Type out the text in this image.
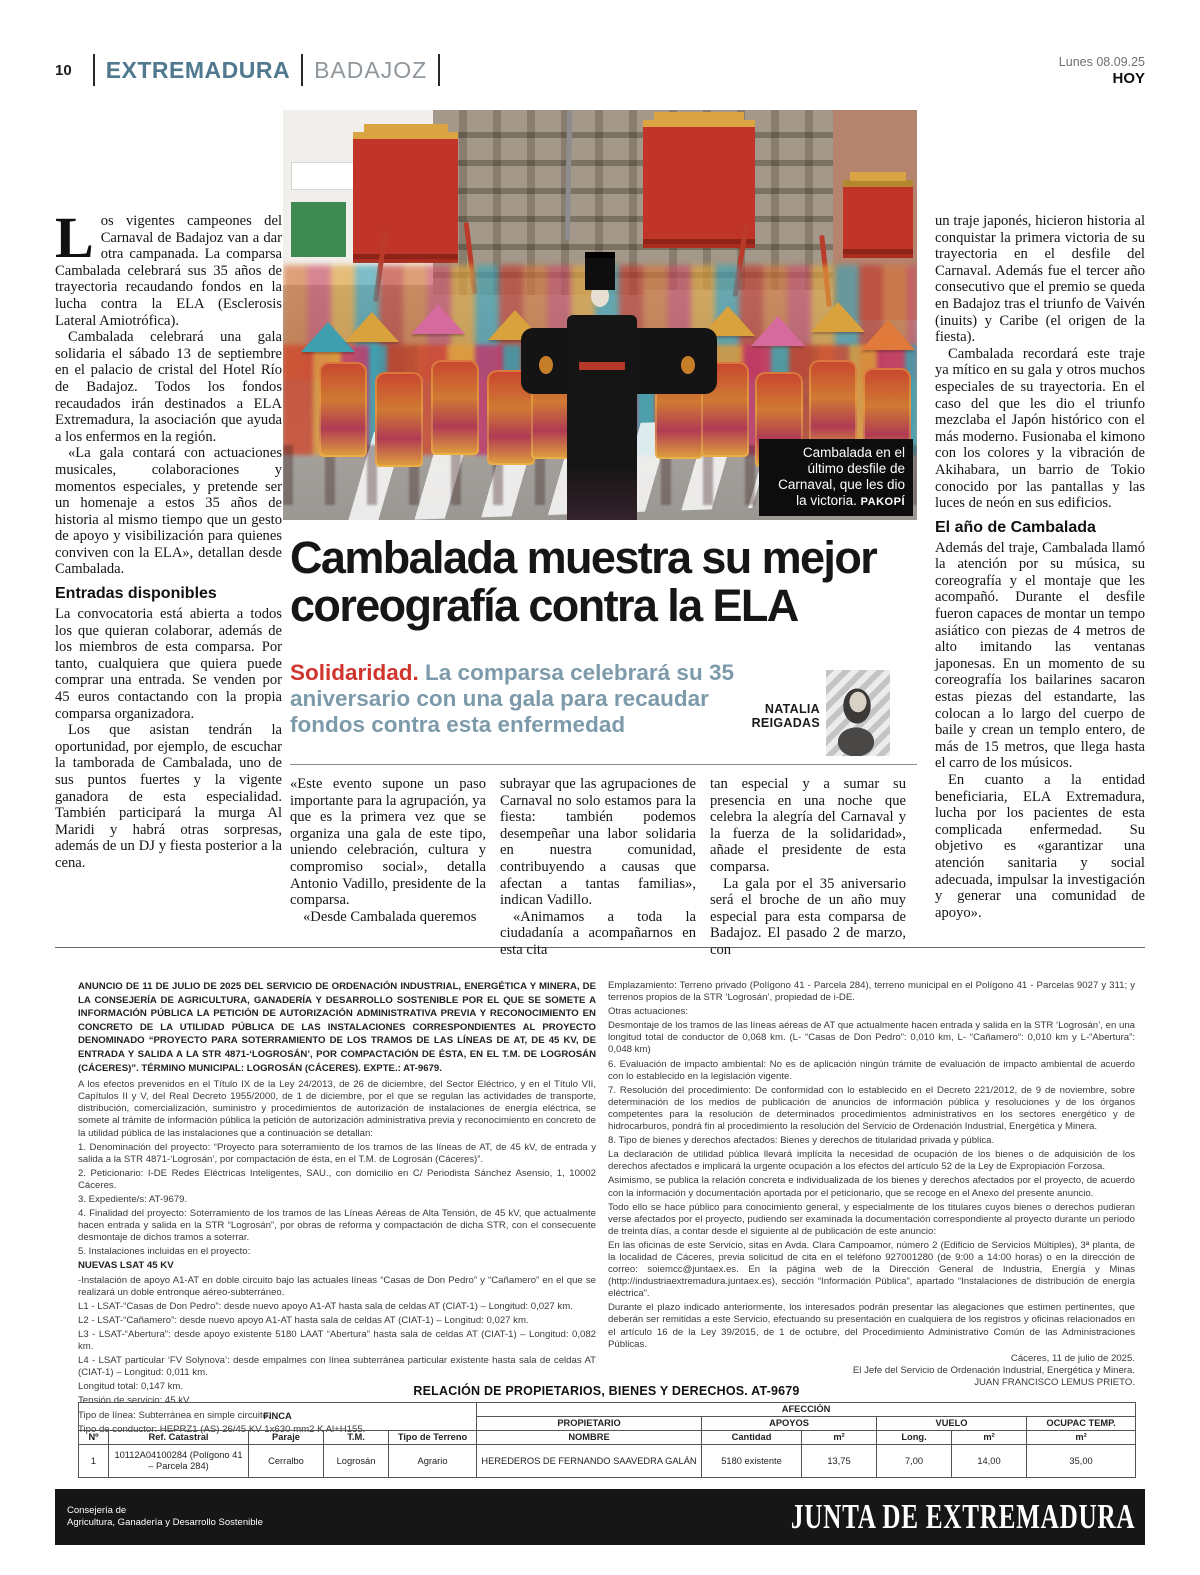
10 EXTREMADURA BADAJOZ	Lunes 08.09.25
HOY
Cambalada en el último desfile de Carnaval, que les dio la victoria. PAKOPÍ
Cambalada muestra su mejor
coreografía contra la ELA

Solidaridad. La comparsa celebrará su 35 aniversario con una gala para recaudar fondos contra esta enfermedad

NATALIA
REIGADAS

Los vigentes campeones del Carnaval de Badajoz van a dar otra campanada. La comparsa Cambalada celebrará sus 35 años de trayectoria recaudando fondos en la lucha contra la ELA (Esclerosis Lateral Amiotrófica).

Cambalada celebrará una gala solidaria el sábado 13 de septiembre en el palacio de cristal del Hotel Río de Badajoz. Todos los fondos recaudados irán destinados a ELA Extremadura, la asociación que ayuda a los enfermos en la región.

«La gala contará con actuaciones musicales, colaboraciones y momentos especiales, y pretende ser un homenaje a estos 35 años de historia al mismo tiempo que un gesto de apoyo y visibilización para quienes conviven con la ELA», detallan desde Cambalada.

Entradas disponibles

La convocatoria está abierta a todos los que quieran colaborar, además de los miembros de esta comparsa. Por tanto, cualquiera que quiera puede comprar una entrada. Se venden por 45 euros contactando con la propia comparsa organizadora.

Los que asistan tendrán la oportunidad, por ejemplo, de escuchar la tamborada de Cambalada, uno de sus puntos fuertes y la vigente ganadora de esta especialidad. También participará la murga Al Maridi y habrá otras sorpresas, además de un DJ y fiesta posterior a la cena.

«Este evento supone un paso importante para la agrupación, ya que es la primera vez que se organiza una gala de este tipo, uniendo celebración, cultura y compromiso social», detalla Antonio Vadillo, presidente de la comparsa.

«Desde Cambalada queremos

subrayar que las agrupaciones de Carnaval no solo estamos para la fiesta: también podemos desempeñar una labor solidaria en nuestra comunidad, contribuyendo a causas que afectan a tantas familias», indican Vadillo.

«Animamos a toda la ciudadanía a acompañarnos en esta cita

tan especial y a sumar su presencia en una noche que celebra la alegría del Carnaval y la fuerza de la solidaridad», añade el presidente de esta comparsa.

La gala por el 35 aniversario será el broche de un año muy especial para esta comparsa de Badajoz. El pasado 2 de marzo, con

un traje japonés, hicieron historia al conquistar la primera victoria de su trayectoria en el desfile del Carnaval. Además fue el tercer año consecutivo que el premio se queda en Badajoz tras el triunfo de Vaivén (inuits) y Caribe (el origen de la fiesta).

Cambalada recordará este traje ya mítico en su gala y otros muchos especiales de su trayectoria. En el caso del que les dio el triunfo mezclaba el Japón histórico con el más moderno. Fusionaba el kimono con los colores y la vibración de Akihabara, un barrio de Tokio conocido por las pantallas y las luces de neón en sus edificios.

El año de Cambalada

Además del traje, Cambalada llamó la atención por su música, su coreografía y el montaje que les acompañó. Durante el desfile fueron capaces de montar un tempo asiático con piezas de 4 metros de alto imitando las ventanas japonesas. En un momento de su coreografía los bailarines sacaron estas piezas del estandarte, las colocan a lo largo del cuerpo de baile y crean un templo entero, de más de 15 metros, que llega hasta el carro de los músicos.

En cuanto a la entidad beneficiaria, ELA Extremadura, lucha por los pacientes de esta complicada enfermedad. Su objetivo es «garantizar una atención sanitaria y social adecuada, impulsar la investigación y generar una comunidad de apoyo».

ANUNCIO DE 11 DE JULIO DE 2025 DEL SERVICIO DE ORDENACIÓN INDUSTRIAL, ENERGÉTICA Y MINERA, DE LA CONSEJERÍA DE AGRICULTURA, GANADERÍA Y DESARROLLO SOSTENIBLE POR EL QUE SE SOMETE A INFORMACIÓN PÚBLICA LA PETICIÓN DE AUTORIZACIÓN ADMINISTRATIVA PREVIA Y RECONOCIMIENTO EN CONCRETO DE LA UTILIDAD PÚBLICA DE LAS INSTALACIONES CORRESPONDIENTES AL PROYECTO DENOMINADO “PROYECTO PARA SOTERRAMIENTO DE LOS TRAMOS DE LAS LÍNEAS DE AT, DE 45 KV, DE ENTRADA Y SALIDA A LA STR 4871-‘LOGROSÁN’, POR COMPACTACIÓN DE ÉSTA, EN EL T.M. DE LOGROSÁN (CÁCERES)”. TÉRMINO MUNICIPAL: LOGROSÁN (CÁCERES). EXPTE.: AT-9679.

A los efectos prevenidos en el Título IX de la Ley 24/2013, de 26 de diciembre, del Sector Eléctrico, y en el Título VII, Capítulos II y V, del Real Decreto 1955/2000, de 1 de diciembre, por el que se regulan las actividades de transporte, distribución, comercialización, suministro y procedimientos de autorización de instalaciones de energía eléctrica, se somete al trámite de información pública la petición de autorización administrativa previa y reconocimiento en concreto de la utilidad pública de las instalaciones que a continuación se detallan:

1. Denominación del proyecto: “Proyecto para soterramiento de los tramos de las líneas de AT, de 45 kV, de entrada y salida a la STR 4871-‘Logrosán’, por compactación de ésta, en el T.M. de Logrosán (Cáceres)”.

2. Peticionario: I-DE Redes Eléctricas Inteligentes, SAU., con domicilio en C/ Periodista Sánchez Asensio, 1, 10002 Cáceres.

3. Expediente/s: AT-9679.

4. Finalidad del proyecto: Soterramiento de los tramos de las Líneas Aéreas de Alta Tensión, de 45 kV, que actualmente hacen entrada y salida en la STR “Logrosán”, por obras de reforma y compactación de dicha STR, con el consecuente desmontaje de dichos tramos a soterrar.

5. Instalaciones incluidas en el proyecto:

NUEVAS LSAT 45 KV

-Instalación de apoyo A1-AT en doble circuito bajo las actuales líneas “Casas de Don Pedro” y “Cañamero” en el que se realizará un doble entronque aéreo-subterráneo.

L1 - LSAT-“Casas de Don Pedro”: desde nuevo apoyo A1-AT hasta sala de celdas AT (CIAT-1) – Longitud: 0,027 km.

L2 - LSAT-“Cañamero”: desde nuevo apoyo A1-AT hasta sala de celdas AT (CIAT-1) – Longitud: 0,027 km.

L3 - LSAT-“Abertura”: desde apoyo existente 5180 LAAT “Abertura” hasta sala de celdas AT (CIAT-1) – Longitud: 0,082 km.

L4 - LSAT particular ‘FV Solynova’: desde empalmes con línea subterránea particular existente hasta sala de celdas AT (CIAT-1) – Longitud: 0,011 km.

Longitud total: 0,147 km.

Tensión de servicio: 45 kV.

Tipo de línea: Subterránea en simple circuito.

Tipo de conductor: HEPRZ1 (AS) 26/45 KV 1x630 mm2 K Al+H155.

Emplazamiento: Terreno privado (Polígono 41 - Parcela 284), terreno municipal en el Polígono 41 - Parcelas 9027 y 311; y terrenos propios de la STR ‘Logrosán’, propiedad de i-DE.

Otras actuaciones:

Desmontaje de los tramos de las líneas aéreas de AT que actualmente hacen entrada y salida en la STR ‘Logrosán’, en una longitud total de conductor de 0,068 km. (L- “Casas de Don Pedro”: 0,010 km, L- “Cañamero”: 0,010 km y L-“Abertura”: 0,048 km)

6. Evaluación de impacto ambiental: No es de aplicación ningún trámite de evaluación de impacto ambiental de acuerdo con lo establecido en la legislación vigente.

7. Resolución del procedimiento: De conformidad con lo establecido en el Decreto 221/2012, de 9 de noviembre, sobre determinación de los medios de publicación de anuncios de información pública y resoluciones y de los órganos competentes para la resolución de determinados procedimientos administrativos en los sectores energético y de hidrocarburos, pondrá fin al procedimiento la resolución del Servicio de Ordenación Industrial, Energética y Minera.

8. Tipo de bienes y derechos afectados: Bienes y derechos de titularidad privada y pública.

La declaración de utilidad pública llevará implícita la necesidad de ocupación de los bienes o de adquisición de los derechos afectados e implicará la urgente ocupación a los efectos del artículo 52 de la Ley de Expropiación Forzosa.

Asimismo, se publica la relación concreta e individualizada de los bienes y derechos afectados por el proyecto, de acuerdo con la información y documentación aportada por el peticionario, que se recoge en el Anexo del presente anuncio.

Todo ello se hace público para conocimiento general, y especialmente de los titulares cuyos bienes o derechos pudieran verse afectados por el proyecto, pudiendo ser examinada la documentación correspondiente al proyecto durante un periodo de treinta días, a contar desde el siguiente al de publicación de este anuncio:

En las oficinas de este Servicio, sitas en Avda. Clara Campoamor, número 2 (Edificio de Servicios Múltiples), 3ª planta, de la localidad de Cáceres, previa solicitud de cita en el teléfono 927001280 (de 9:00 a 14:00 horas) o en la dirección de correo: soiemcc@juntaex.es. En la página web de la Dirección General de Industria, Energía y Minas (http://industriaextremadura.juntaex.es), sección “Información Pública”, apartado “Instalaciones de distribución de energía eléctrica”.

Durante el plazo indicado anteriormente, los interesados podrán presentar las alegaciones que estimen pertinentes, que deberán ser remitidas a este Servicio, efectuando su presentación en cualquiera de los registros y oficinas relacionados en el artículo 16 de la Ley 39/2015, de 1 de octubre, del Procedimiento Administrativo Común de las Administraciones Públicas.

Cáceres, 11 de julio de 2025.

El Jefe del Servicio de Ordenación Industrial, Energética y Minera.

JUAN FRANCISCO LEMUS PRIETO.

RELACIÓN DE PROPIETARIOS, BIENES Y DERECHOS. AT-9679
FINCA					AFECCIÓN					
					PROPIETARIO	APOYOS		VUELO		OCUPAC TEMP.
Nº	Ref. Catastral	Paraje	T.M.	Tipo de Terreno	NOMBRE	Cantidad	m²	Long.	m²	m²
1	10112A04100284 (Polígono 41 – Parcela 284)	Cerralbo	Logrosán	Agrario	HEREDEROS DE FERNANDO SAAVEDRA GALÁN	5180 existente	13,75	7,00	14,00	35,00
Consejería de
Agricultura, Ganadería y Desarrollo Sostenible	JUNTA DE EXTREMADURA
